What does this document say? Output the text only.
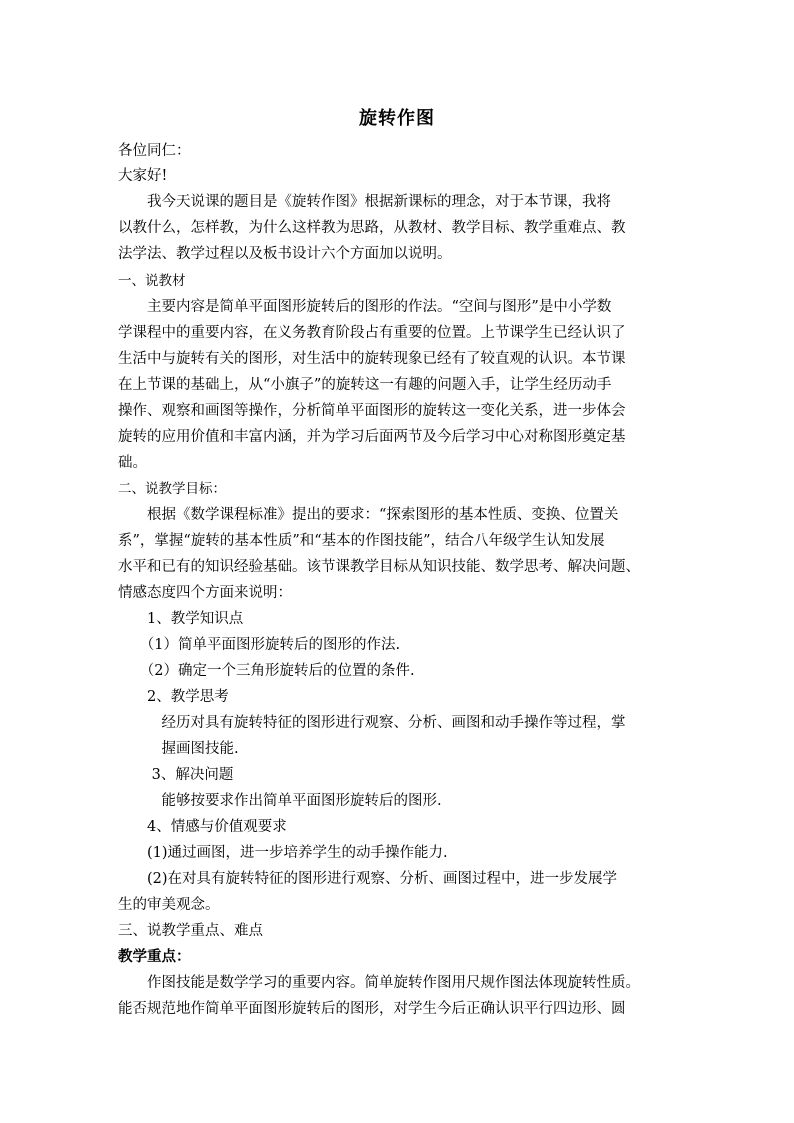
旋转作图
各位同仁：
大家好!
　　我今天说课的题目是《旋转作图》根据新课标的理念，对于本节课，我将
以教什么，怎样教，为什么这样教为思路，从教材、教学目标、教学重难点、教
法学法、教学过程以及板书设计六个方面加以说明。
一、说教材
　　主要内容是简单平面图形旋转后的图形的作法。“空间与图形”是中小学数
学课程中的重要内容，在义务教育阶段占有重要的位置。上节课学生已经认识了
生活中与旋转有关的图形，对生活中的旋转现象已经有了较直观的认识。本节课
在上节课的基础上，从“小旗子”的旋转这一有趣的问题入手，让学生经历动手
操作、观察和画图等操作，分析简单平面图形的旋转这一变化关系，进一步体会
旋转的应用价值和丰富内涵，并为学习后面两节及今后学习中心对称图形奠定基
础。
二、说教学目标：
　　根据《数学课程标准》提出的要求：“探索图形的基本性质、变换、位置关
系”，掌握“旋转的基本性质”和“基本的作图技能”，结合八年级学生认知发展
水平和已有的知识经验基础。该节课教学目标从知识技能、数学思考、解决问题、
情感态度四个方面来说明：
　　1、教学知识点
　　（1）简单平面图形旋转后的图形的作法.
　　（2）确定一个三角形旋转后的位置的条件.
　　2、教学思考
　　　经历对具有旋转特征的图形进行观察、分析、画图和动手操作等过程，掌
　　　握画图技能.
　　 3、解决问题
　　　能够按要求作出简单平面图形旋转后的图形.
　　4、情感与价值观要求
　　(1)通过画图，进一步培养学生的动手操作能力.
　　(2)在对具有旋转特征的图形进行观察、分析、画图过程中，进一步发展学
生的审美观念。
三、说教学重点、难点
教学重点：
　　作图技能是数学学习的重要内容。简单旋转作图用尺规作图法体现旋转性质。
能否规范地作简单平面图形旋转后的图形，对学生今后正确认识平行四边形、圆
